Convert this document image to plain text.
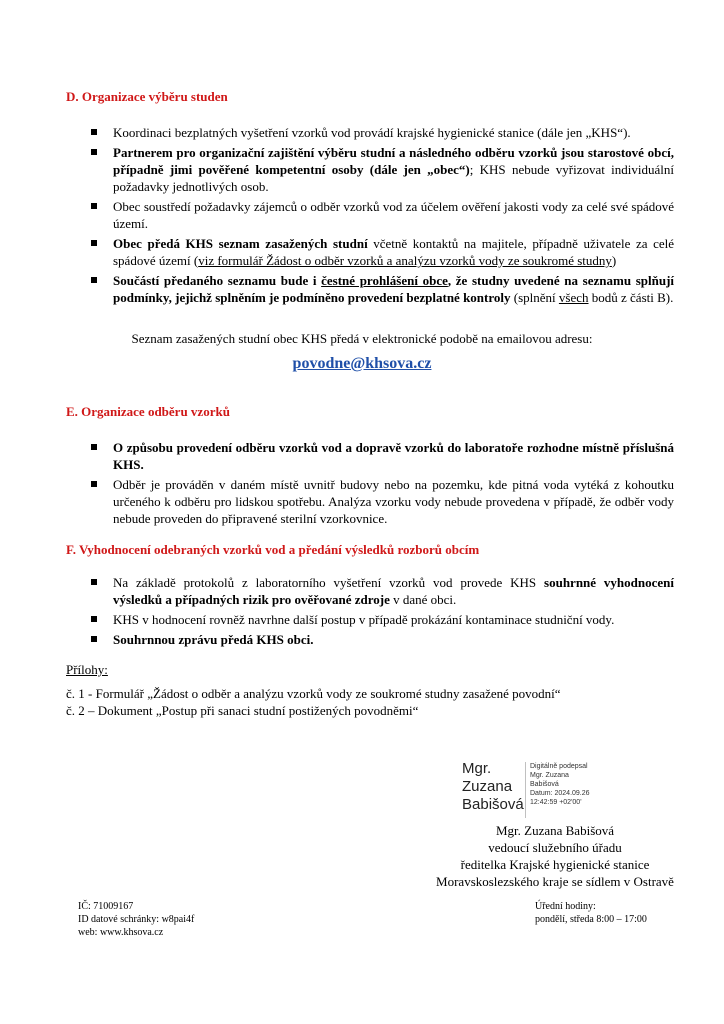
D. Organizace výběru studen
Koordinaci bezplatných vyšetření vzorků vod provádí krajské hygienické stanice (dále jen „KHS“).
Partnerem pro organizační zajištění výběru studní a následného odběru vzorků jsou starostové obcí, případně jimi pověřené kompetentní osoby (dále jen „obec“); KHS nebude vyřizovat individuální požadavky jednotlivých osob.
Obec soustředí požadavky zájemců o odběr vzorků vod za účelem ověření jakosti vody za celé své spádové území.
Obec předá KHS seznam zasažených studní včetně kontaktů na majitele, případně uživatele za celé spádové území (viz formulář Žádost o odběr vzorků a analýzu vzorků vody ze soukromé studny)
Součástí předaného seznamu bude i čestné prohlášení obce, že studny uvedené na seznamu splňují podmínky, jejichž splněním je podmíněno provedení bezplatné kontroly (splnění všech bodů z části B).
Seznam zasažených studní obec KHS předá v elektronické podobě na emailovou adresu:
povodne@khsova.cz
E. Organizace odběru vzorků
O způsobu provedení odběru vzorků vod a dopravě vzorků do laboratoře rozhodne místně příslušná KHS.
Odběr je prováděn v daném místě uvnitř budovy nebo na pozemku, kde pitná voda vytéká z kohoutku určeného k odběru pro lidskou spotřebu. Analýza vzorku vody nebude provedena v případě, že odběr vody nebude proveden do připravené sterilní vzorkovnice.
F. Vyhodnocení odebraných vzorků vod a předání výsledků rozborů obcím
Na základě protokolů z laboratorního vyšetření vzorků vod provede KHS souhrnné vyhodnocení výsledků a případných rizik pro ověřované zdroje v dané obci.
KHS v hodnocení rovněž navrhne další postup v případě prokázání kontaminace studniční vody.
Souhrnnou zprávu předá KHS obci.
Přílohy:
č. 1 - Formulář „Žádost o odběr a analýzu vzorků vody ze soukromé studny zasažené povodní“
č. 2 – Dokument „Postup při sanaci studní postižených povodněmi“
Mgr.
Zuzana
Babišová
Digitálně podepsal
Mgr. Zuzana
Babišová
Datum: 2024.09.26
12:42:59 +02'00'
Mgr. Zuzana Babišová
vedoucí služebního úřadu
ředitelka Krajské hygienické stanice
Moravskoslezského kraje se sídlem v Ostravě
IČ: 71009167
ID datové schránky: w8pai4f
web: www.khsova.cz
Úřední hodiny:
pondělí, středa 8:00 – 17:00
